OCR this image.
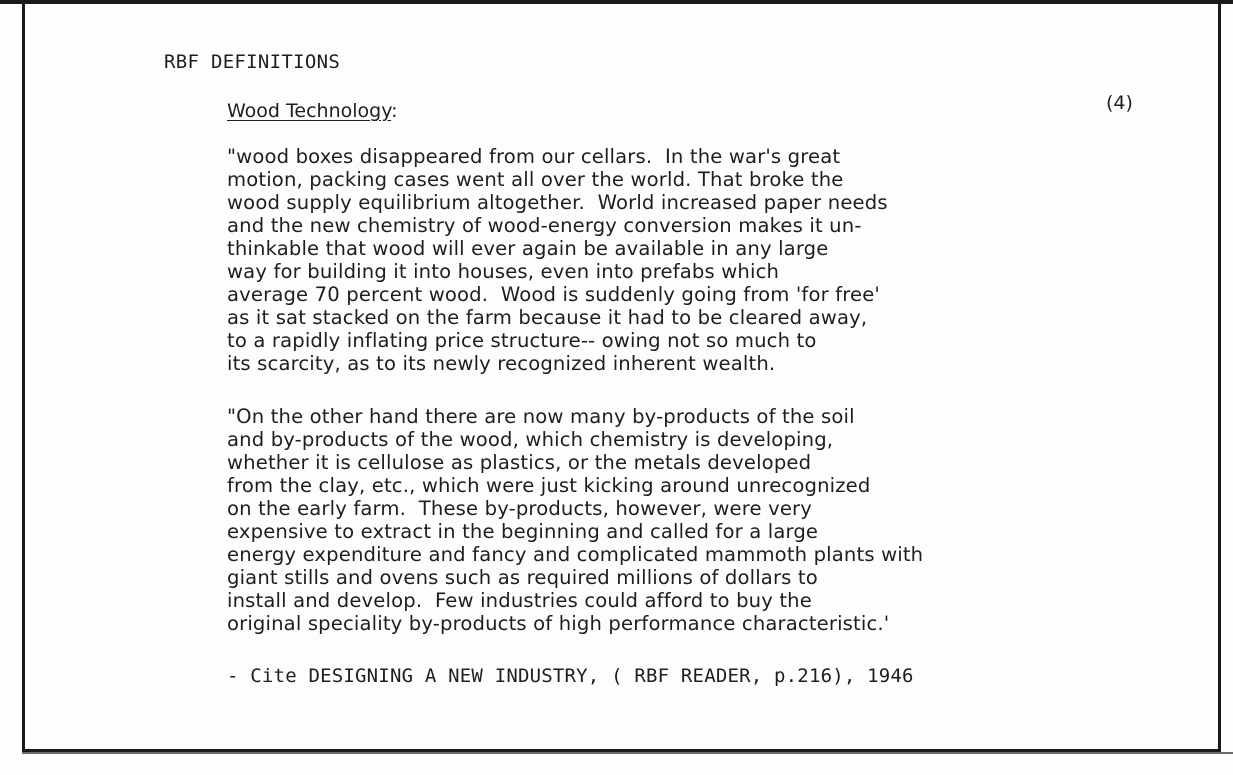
RBF DEFINITIONS
Wood Technology:	(4)

"wood boxes disappeared from our cellars.  In the war's great
motion, packing cases went all over the world. That broke the
wood supply equilibrium altogether.  World increased paper needs
and the new chemistry of wood-energy conversion makes it un-
thinkable that wood will ever again be available in any large
way for building it into houses, even into prefabs which
average 70 percent wood.  Wood is suddenly going from 'for free'
as it sat stacked on the farm because it had to be cleared away,
to a rapidly inflating price structure-- owing not so much to
its scarcity, as to its newly recognized inherent wealth.

"On the other hand there are now many by-products of the soil
and by-products of the wood, which chemistry is developing,
whether it is cellulose as plastics, or the metals developed
from the clay, etc., which were just kicking around unrecognized
on the early farm.  These by-products, however, were very
expensive to extract in the beginning and called for a large
energy expenditure and fancy and complicated mammoth plants with
giant stills and ovens such as required millions of dollars to
install and develop.  Few industries could afford to buy the
original speciality by-products of high performance characteristic.'

- Cite DESIGNING A NEW INDUSTRY, ( RBF READER, p.216), 1946
